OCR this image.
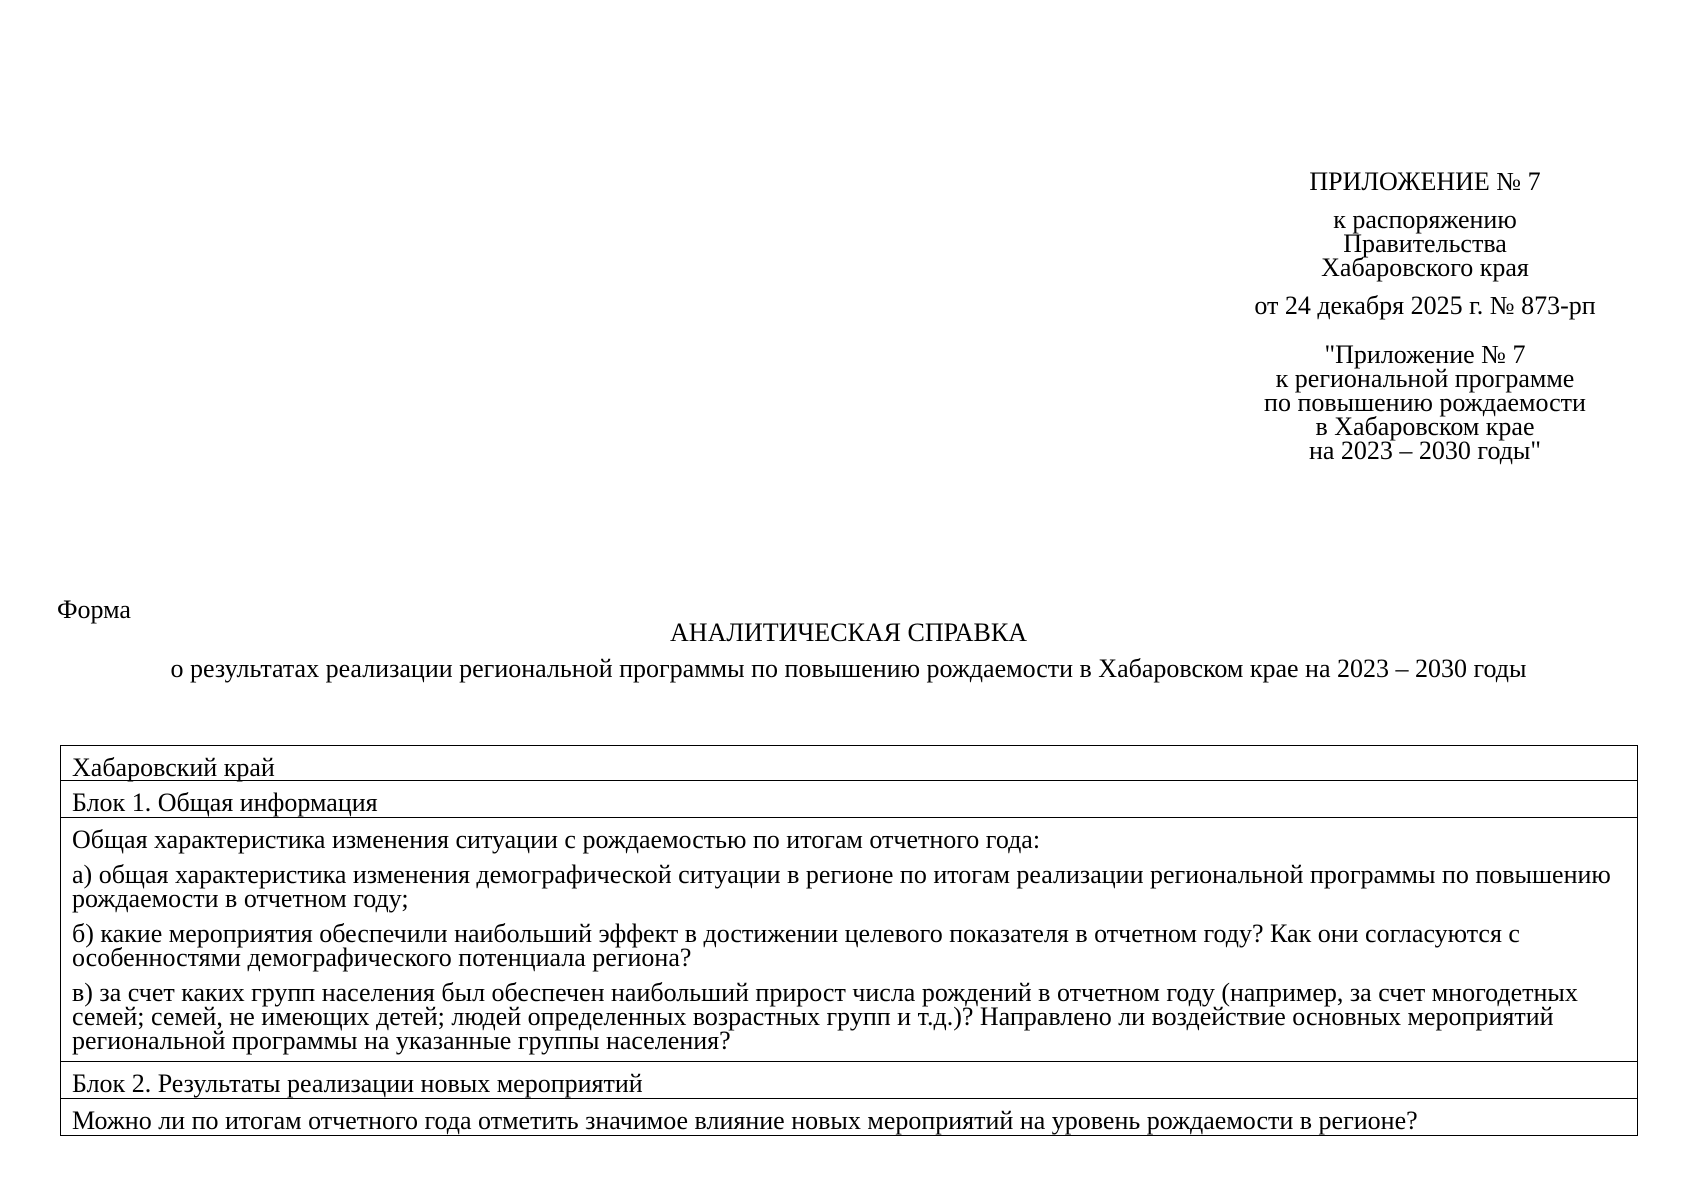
ПРИЛОЖЕНИЕ № 7
к распоряжению
Правительства
Хабаровского края
от 24 декабря 2025 г. № 873-рп
"Приложение № 7
к региональной программе
по повышению рождаемости
в Хабаровском крае
на 2023 – 2030 годы"
Форма
АНАЛИТИЧЕСКАЯ СПРАВКА
о результатах реализации региональной программы по повышению рождаемости в Хабаровском крае на 2023 – 2030 годы
Хабаровский край
Блок 1. Общая информация

Общая характеристика изменения ситуации с рождаемостью по итогам отчетного года:

а) общая характеристика изменения демографической ситуации в регионе по итогам реализации региональной программы по повышению рождаемости в отчетном году;

б) какие мероприятия обеспечили наибольший эффект в достижении целевого показателя в отчетном году? Как они согласуются с особенностями демографического потенциала региона?

в) за счет каких групп населения был обеспечен наибольший прирост числа рождений в отчетном году (например, за счет многодетных семей; семей, не имеющих детей; людей определенных возрастных групп и т.д.)? Направлено ли воздействие основных мероприятий региональной программы на указанные группы населения?

Блок 2. Результаты реализации новых мероприятий
Можно ли по итогам отчетного года отметить значимое влияние новых мероприятий на уровень рождаемости в регионе?
